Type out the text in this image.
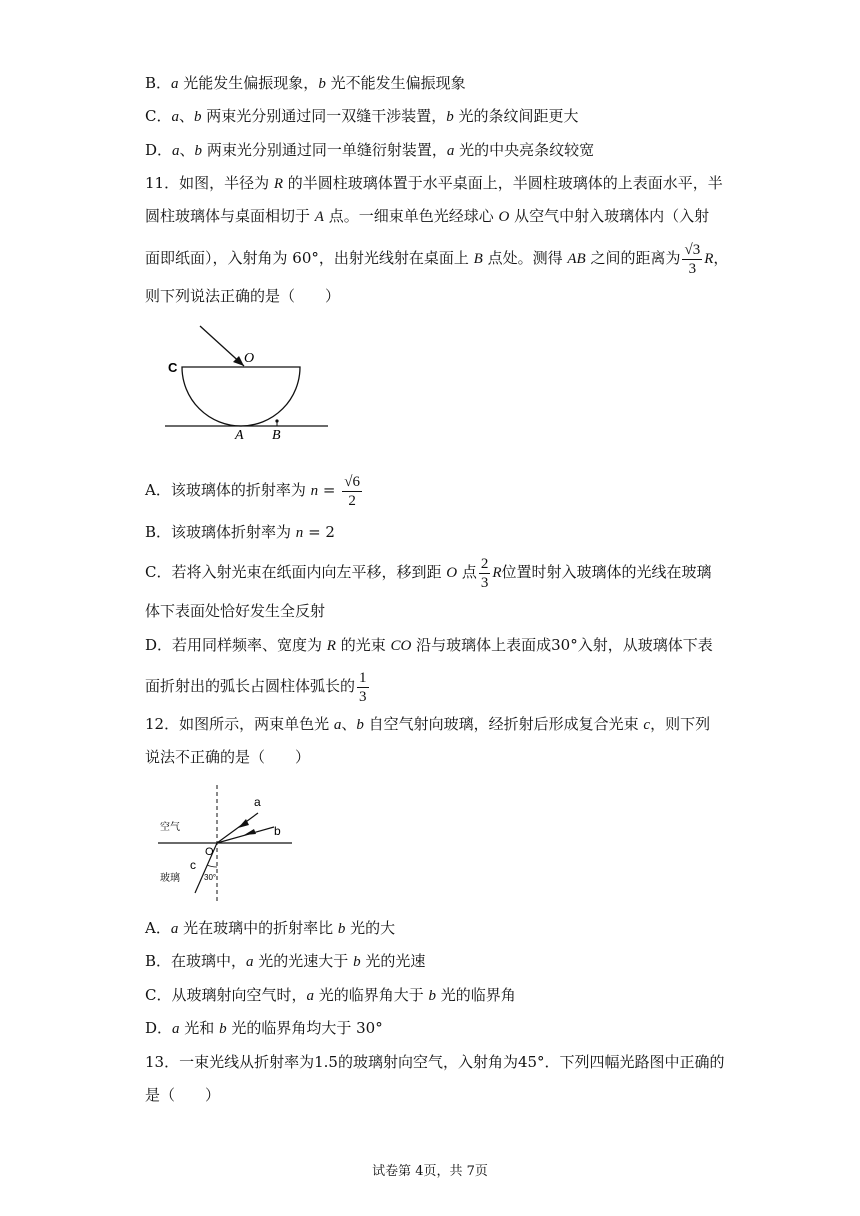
B．a 光能发生偏振现象，b 光不能发生偏振现象
C．a、b 两束光分别通过同一双缝干涉装置，b 光的条纹间距更大
D．a、b 两束光分别通过同一单缝衍射装置，a 光的中央亮条纹较宽
11．如图，半径为 R 的半圆柱玻璃体置于水平桌面上，半圆柱玻璃体的上表面水平，半
圆柱玻璃体与桌面相切于 A 点。一细束单色光经球心 O 从空气中射入玻璃体内（入射
面即纸面），入射角为 60°，出射光线射在桌面上 B 点处。测得 AB 之间的距离为 $\frac{√3}{3}$ R，
则下列说法正确的是（　　）
C
O
A B
A．该玻璃体的折射率为 $n = \frac{√6}{2}$
B．该玻璃体折射率为 n = 2
C．若将入射光束在纸面内向左平移，移到距 O 点 $\frac{2}{3}$ R位置时射入玻璃体的光线在玻璃
体下表面处恰好发生全反射
D．若用同样频率、宽度为 R 的光束 CO 沿与玻璃体上表面成30°入射，从玻璃体下表
面折射出的弧长占圆柱体弧长的 $\frac{1}{3}$
12．如图所示，两束单色光 a、b 自空气射向玻璃，经折射后形成复合光束 c，则下列
说法不正确的是（　　）
空气
玻璃
a
b
c
O
30°
A．a 光在玻璃中的折射率比 b 光的大
B．在玻璃中，a 光的光速大于 b 光的光速
C．从玻璃射向空气时，a 光的临界角大于 b 光的临界角
D．a 光和 b 光的临界角均大于 30°
13．一束光线从折射率为1.5的玻璃射向空气，入射角为45°．下列四幅光路图中正确的
是（　　）
试卷第 4页，共 7页
